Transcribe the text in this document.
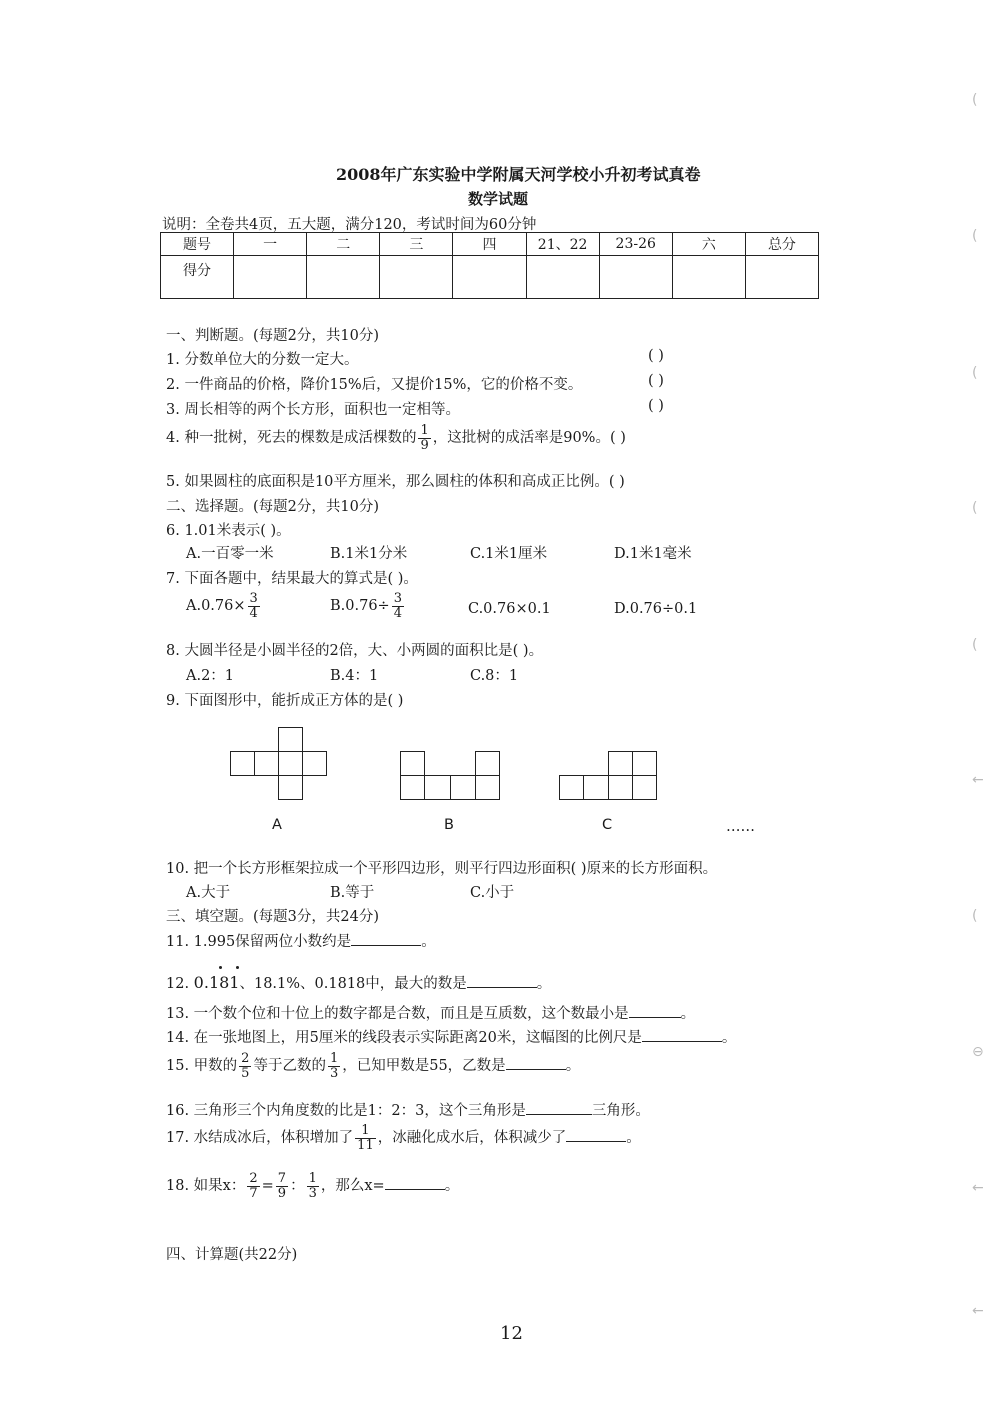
(
(
(
(
(
←
(
⊖
←
←
2008年广东实验中学附属天河学校小升初考试真卷
数学试题
说明：全卷共4页，五大题，满分120，考试时间为60分钟
题号	一	二	三	四	21、22	23-26	六	总分
得分								
一、判断题。(每题2分，共10分)
1. 分数单位大的分数一定大。	( )
2. 一件商品的价格，降价15%后，又提价15%，它的价格不变。	( )
3. 周长相等的两个长方形，面积也一定相等。	( )
4. 种一批树，死去的棵数是成活棵数的 $\frac{1}{9}$ ，这批树的成活率是90%。( )
5. 如果圆柱的底面积是10平方厘米，那么圆柱的体积和高成正比例。( )
二、选择题。(每题2分，共10分)
6. 1.01米表示( )。
A.一百零一米	B.1米1分米	C.1米1厘米	D.1米1毫米
7. 下面各题中，结果最大的算式是( )。
$A.0.76\times \frac{3}{4}$	$B.0.76\div \frac{3}{4}$	C.0.76×0.1	D.0.76÷0.1
8. 大圆半径是小圆半径的2倍，大、小两圆的面积比是( )。
A.2：1	B.4：1	C.8：1
9. 下面图形中，能折成正方体的是( )
A	B	C	……
10. 把一个长方形框架拉成一个平形四边形，则平行四边形面积( )原来的长方形面积。
A.大于	B.等于	C.小于
三、填空题。(每题3分，共24分)
11. 1.995保留两位小数约是	。
12. 0.181、18.1%、0.1818中，最大的数是	。
13. 一个数个位和十位上的数字都是合数，而且是互质数，这个数最小是	。
14. 在一张地图上，用5厘米的线段表示实际距离20米，这幅图的比例尺是	。
15. 甲数的 $\frac{2}{5}$ 等于乙数的 $\frac{1}{3}$ ，已知甲数是55，乙数是	。
16. 三角形三个内角度数的比是1：2：3，这个三角形是	三角形。
17. 水结成冰后，体积增加了 $\frac{1}{11}$ ，冰融化成水后，体积减少了	。
18. 如果x： $\frac{2}{7} = \frac{7}{9}$ ： $\frac{1}{3}$ ，那么x=	。
四、计算题(共22分)
12
